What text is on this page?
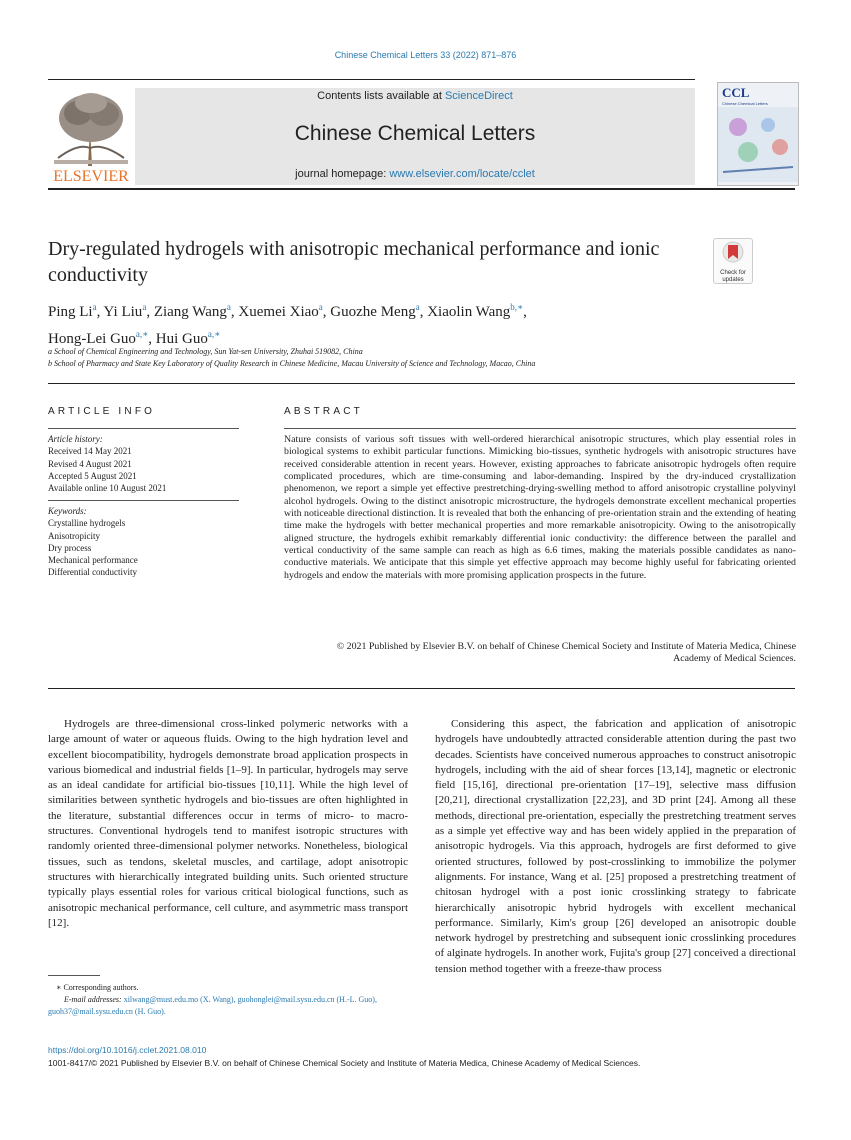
Chinese Chemical Letters 33 (2022) 871–876
ELSEVIER
Contents lists available at ScienceDirect
Chinese Chemical Letters
journal homepage: www.elsevier.com/locate/cclet
CCL
Chinese Chemical Letters
Dry-regulated hydrogels with anisotropic mechanical performance and ionic conductivity	Check for updates
Ping Li$^a$, Yi Liu$^a$, Ziang Wang$^a$, Xuemei Xiao$^a$, Guozhe Meng$^a$, Xiaolin Wang$^{b,∗}$,
Hong-Lei Guo$^{a,∗}$, Hui Guo$^{a,∗}$
a School of Chemical Engineering and Technology, Sun Yat-sen University, Zhuhai 519082, China
b School of Pharmacy and State Key Laboratory of Quality Research in Chinese Medicine, Macau University of Science and Technology, Macao, China
ARTICLE INFO
Article history:
Received 14 May 2021
Revised 4 August 2021
Accepted 5 August 2021
Available online 10 August 2021
Keywords:
Crystalline hydrogels
Anisotropicity
Dry process
Mechanical performance
Differential conductivity
ABSTRACT
Nature consists of various soft tissues with well-ordered hierarchical anisotropic structures, which play essential roles in biological systems to exhibit particular functions. Mimicking bio-tissues, synthetic hydrogels with anisotropic structures have received considerable attention in recent years. However, existing approaches to fabricate anisotropic hydrogels often require complicated procedures, which are time-consuming and labor-demanding. Inspired by the dry-induced crystallization phenomenon, we report a simple yet effective prestretching-drying-swelling method to afford anisotropic crystalline polyvinyl alcohol hydrogels. Owing to the distinct anisotropic microstructure, the hydrogels demonstrate excellent mechanical properties with noticeable directional distinction. It is revealed that both the enhancing of pre-orientation strain and the extending of heating time make the hydrogels with better mechanical properties and more remarkable anisotropicity. Owing to the anisotropically aligned structure, the hydrogels exhibit remarkably differential ionic conductivity: the difference between the parallel and vertical conductivity of the same sample can reach as high as 6.6 times, making the materials possible candidates as nano-conductive materials. We anticipate that this simple yet effective approach may become highly useful for fabricating oriented hydrogels and endow the materials with more promising application prospects in the future.
© 2021 Published by Elsevier B.V. on behalf of Chinese Chemical Society and Institute of Materia Medica, Chinese Academy of Medical Sciences.
Hydrogels are three-dimensional cross-linked polymeric networks with a large amount of water or aqueous fluids. Owing to the high hydration level and excellent biocompatibility, hydrogels demonstrate broad application prospects in various biomedical and industrial fields [1–9]. In particular, hydrogels may serve as an ideal candidate for artificial bio-tissues [10,11]. While the high level of similarities between synthetic hydrogels and bio-tissues are often highlighted in the literature, substantial differences occur in terms of micro- to macro-structures. Conventional hydrogels tend to manifest isotropic structures with randomly oriented three-dimensional polymer networks. Nonetheless, biological tissues, such as tendons, skeletal muscles, and cartilage, adopt anisotropic structures with hierarchically integrated building units. Such oriented structure typically plays essential roles for various critical biological functions, such as anisotropic mechanical performance, cell culture, and asymmetric mass transport [12].
Considering this aspect, the fabrication and application of anisotropic hydrogels have undoubtedly attracted considerable attention during the past two decades. Scientists have conceived numerous approaches to construct anisotropic hydrogels, including with the aid of shear forces [13,14], magnetic or electronic field [15,16], directional pre-orientation [17–19], selective mass diffusion [20,21], directional crystallization [22,23], and 3D print [24]. Among all these methods, directional pre-orientation, especially the prestretching treatment serves as a simple yet effective way and has been widely applied in the preparation of anisotropic hydrogels. Via this approach, hydrogels are first deformed to give oriented structures, followed by post-crosslinking to immobilize the polymer alignments. For instance, Wang et al. [25] proposed a prestretching treatment of chitosan hydrogel with a post ionic crosslinking strategy to fabricate hierarchically anisotropic hybrid hydrogels with excellent mechanical performance. Similarly, Kim's group [26] developed an anisotropic double network hydrogel by prestretching and subsequent ionic crosslinking procedures of alginate hydrogels. In another work, Fujita's group [27] conceived a directional tension method together with a freeze-thaw process
∗ Corresponding authors.
E-mail addresses: xilwang@must.edu.mo (X. Wang), guohonglei@mail.sysu.edu.cn (H.-L. Guo), guoh37@mail.sysu.edu.cn (H. Guo).
https://doi.org/10.1016/j.cclet.2021.08.010
1001-8417/© 2021 Published by Elsevier B.V. on behalf of Chinese Chemical Society and Institute of Materia Medica, Chinese Academy of Medical Sciences.
